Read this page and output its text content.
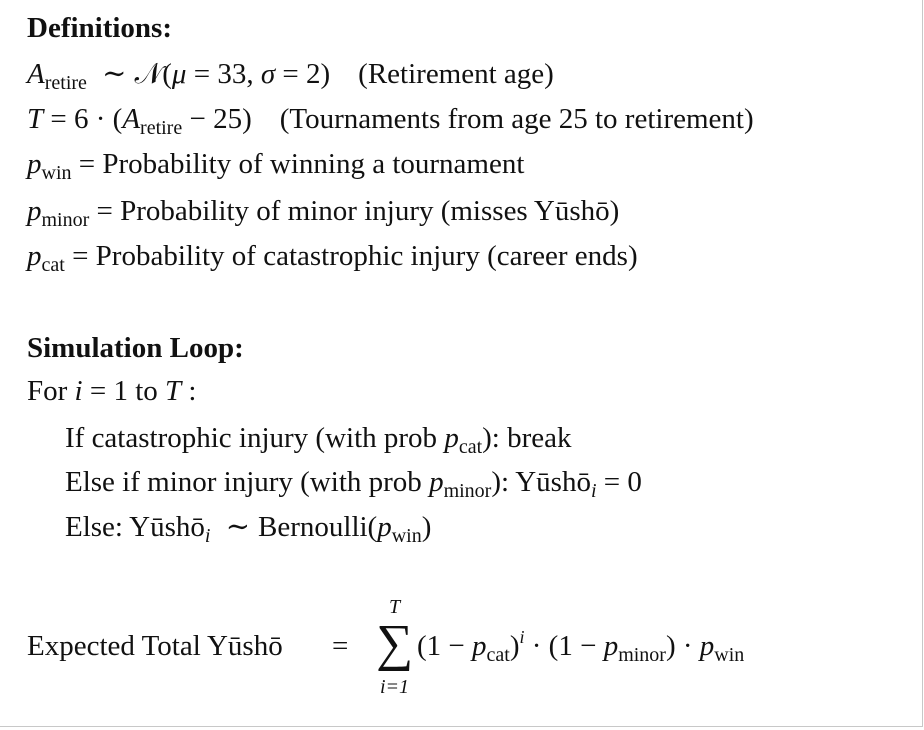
Definitions:
$A_{retire}$ ∼ 𝒩(μ = 33, σ = 2) (Retirement age)
$T = 6 \cdot (A_{retire} - 25)$ (Tournaments from age 25 to retirement)
$p_{win}$ = Probability of winning a tournament
$p_{minor}$ = Probability of minor injury (misses Yūshō)
$p_{cat}$ = Probability of catastrophic injury (career ends)
Simulation Loop:
For i = 1 to T :
If catastrophic injury (with prob $p_{cat}$): break
Else if minor injury (with prob $p_{minor}$): Yūshō$_i$ = 0
Else: Yūshō$_i$ ∼ $Bernoulli(p_{win})$
Expected Total Yūshō =
T
∑
i=1
$(1 - p_{cat})^i \cdot (1 - p_{minor}) \cdot p_{win}$
